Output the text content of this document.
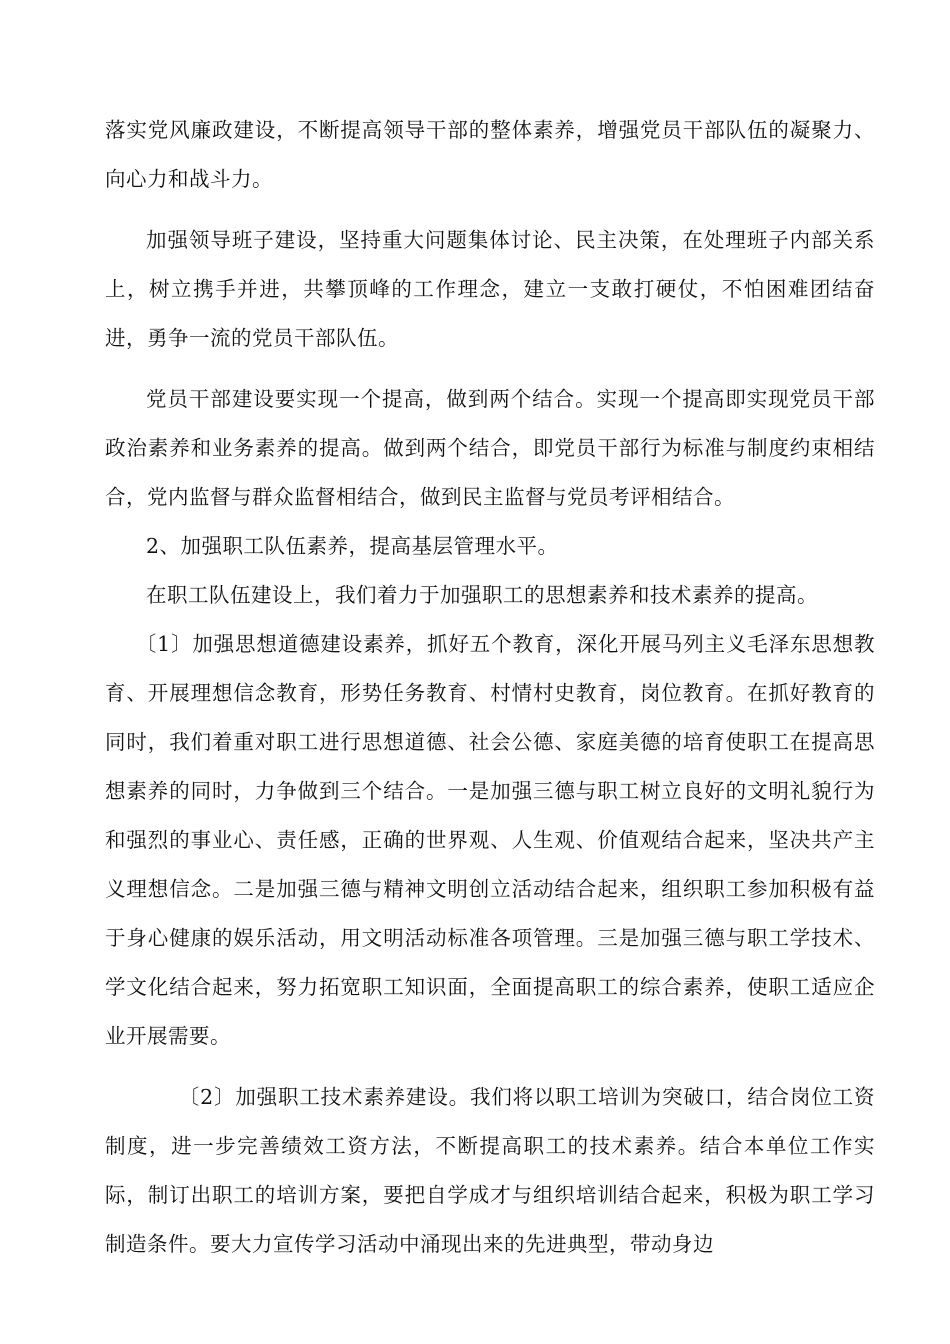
落实党风廉政建设，不断提高领导干部的整体素养，增强党员干部队伍的凝聚力、向心力和战斗力。

加强领导班子建设，坚持重大问题集体讨论、民主决策，在处理班子内部关系上，树立携手并进，共攀顶峰的工作理念，建立一支敢打硬仗，不怕困难团结奋进，勇争一流的党员干部队伍。

党员干部建设要实现一个提高，做到两个结合。实现一个提高即实现党员干部政治素养和业务素养的提高。做到两个结合，即党员干部行为标准与制度约束相结合，党内监督与群众监督相结合，做到民主监督与党员考评相结合。

2、加强职工队伍素养，提高基层管理水平。

在职工队伍建设上，我们着力于加强职工的思想素养和技术素养的提高。

〔1〕加强思想道德建设素养，抓好五个教育，深化开展马列主义毛泽东思想教育、开展理想信念教育，形势任务教育、村情村史教育，岗位教育。在抓好教育的同时，我们着重对职工进行思想道德、社会公德、家庭美德的培育使职工在提高思想素养的同时，力争做到三个结合。一是加强三德与职工树立良好的文明礼貌行为和强烈的事业心、责任感，正确的世界观、人生观、价值观结合起来，坚决共产主义理想信念。二是加强三德与精神文明创立活动结合起来，组织职工参加积极有益于身心健康的娱乐活动，用文明活动标准各项管理。三是加强三德与职工学技术、学文化结合起来，努力拓宽职工知识面，全面提高职工的综合素养，使职工适应企业开展需要。

〔2〕加强职工技术素养建设。我们将以职工培训为突破口，结合岗位工资制度，进一步完善绩效工资方法，不断提高职工的技术素养。结合本单位工作实际，制订出职工的培训方案，要把自学成才与组织培训结合起来，积极为职工学习制造条件。要大力宣传学习活动中涌现出来的先进典型，带动身边
